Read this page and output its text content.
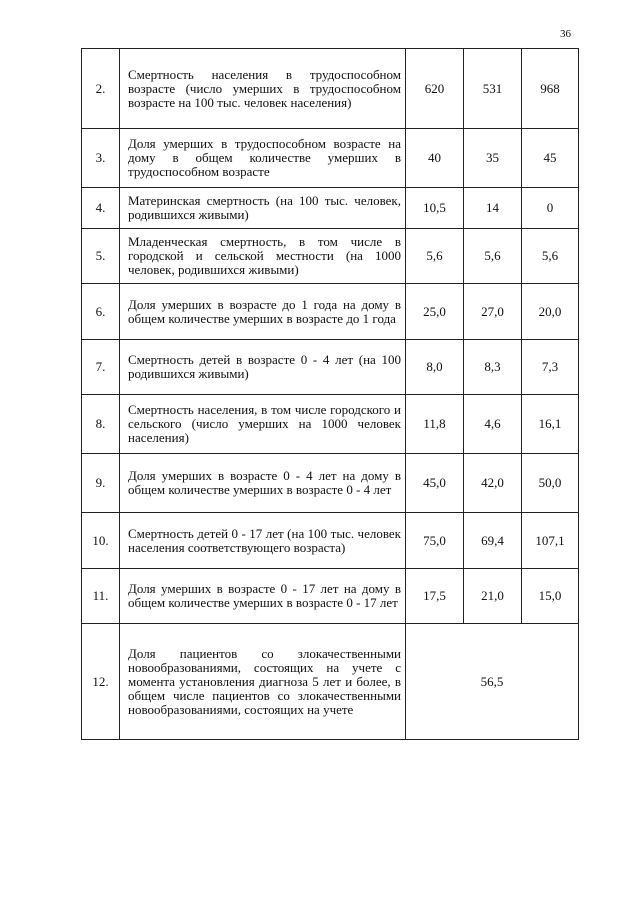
36
2.	Смертность населения в трудоспособном возрасте (число умерших в трудоспособном возрасте на 100 тыс. человек населения)	620	531	968
3.	Доля умерших в трудоспособном возрасте на дому в общем количестве умерших в трудоспособном возрасте	40	35	45
4.	Материнская смертность (на 100 тыс. человек, родившихся живыми)	10,5	14	0
5.	Младенческая смертность, в том числе в городской и сельской местности (на 1000 человек, родившихся живыми)	5,6	5,6	5,6
6.	Доля умерших в возрасте до 1 года на дому в общем количестве умерших в возрасте до 1 года	25,0	27,0	20,0
7.	Смертность детей в возрасте 0 - 4 лет (на 100 родившихся живыми)	8,0	8,3	7,3
8.	Смертность населения, в том числе городского и сельского (число умерших на 1000 человек населения)	11,8	4,6	16,1
9.	Доля умерших в возрасте 0 - 4 лет на дому в общем количестве умерших в возрасте 0 - 4 лет	45,0	42,0	50,0
10.	Смертность детей 0 - 17 лет (на 100 тыс. человек населения соответствующего возраста)	75,0	69,4	107,1
11.	Доля умерших в возрасте 0 - 17 лет на дому в общем количестве умерших в возрасте 0 - 17 лет	17,5	21,0	15,0
12.	Доля пациентов со злокачественными новообразованиями, состоящих на учете с момента установления диагноза 5 лет и более, в общем числе пациентов со злокачественными новообразованиями, состоящих на учете	56,5		
